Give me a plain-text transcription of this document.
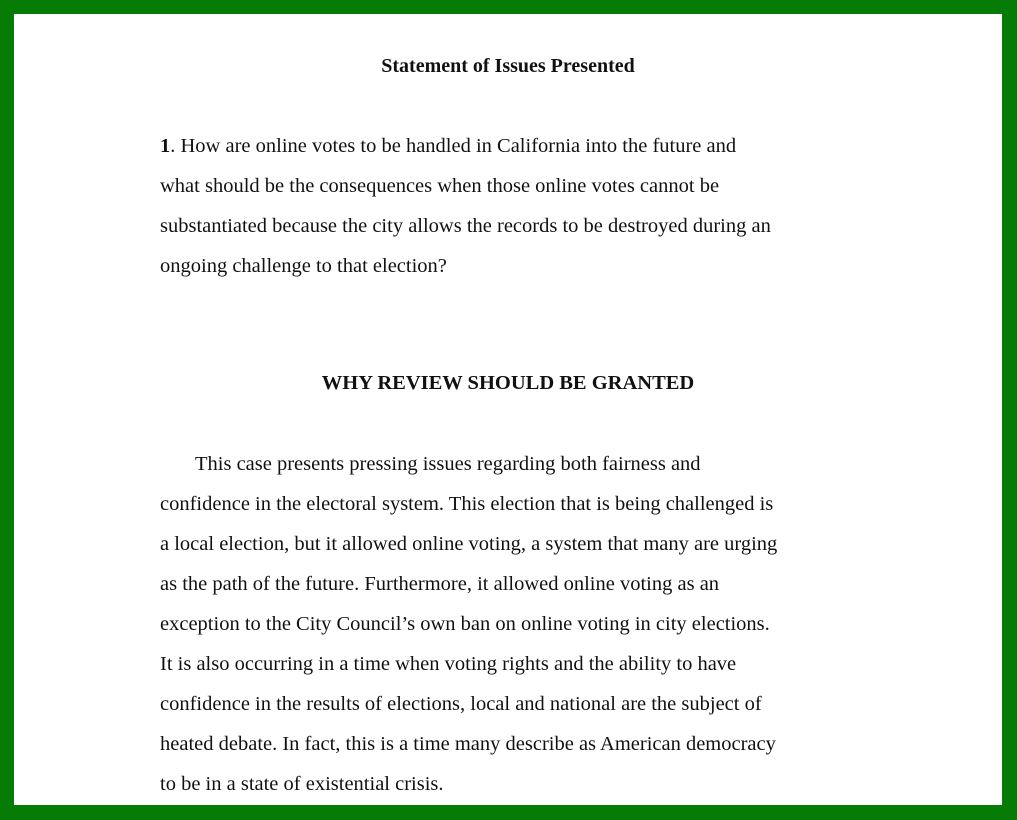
Statement of Issues Presented
1. How are online votes to be handled in California into the future and
what should be the consequences when those online votes cannot be
substantiated because the city allows the records to be destroyed during an
ongoing challenge to that election?
WHY REVIEW SHOULD BE GRANTED
This case presents pressing issues regarding both fairness and
confidence in the electoral system. This election that is being challenged is
a local election, but it allowed online voting, a system that many are urging
as the path of the future. Furthermore, it allowed online voting as an
exception to the City Council’s own ban on online voting in city elections.
It is also occurring in a time when voting rights and the ability to have
confidence in the results of elections, local and national are the subject of
heated debate. In fact, this is a time many describe as American democracy
to be in a state of existential crisis.
